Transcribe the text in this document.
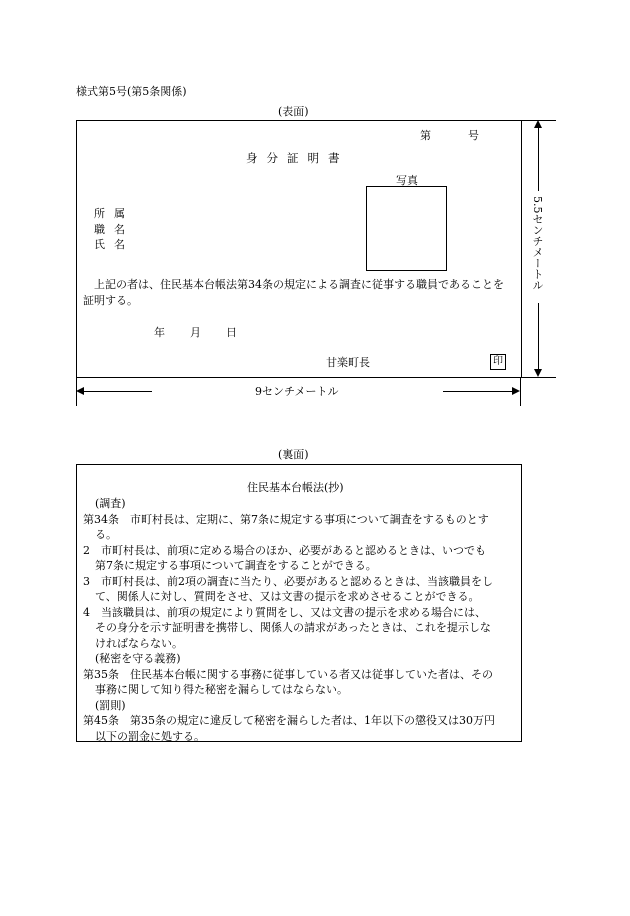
様式第5号(第5条関係)
(表面)
第	号
身分証明書
写真
所属
職名
氏名
上記の者は、住民基本台帳法第34条の規定による調査に従事する職員であることを
証明する。
年 月 日
甘楽町長	印
5.5センチメートル
9センチメートル
(裏面)
住民基本台帳法(抄)
(調査)
第34条　市町村長は、定期に、第7条に規定する事項について調査をするものとす
る。
2　市町村長は、前項に定める場合のほか、必要があると認めるときは、いつでも
第7条に規定する事項について調査をすることができる。
3　市町村長は、前2項の調査に当たり、必要があると認めるときは、当該職員をし
て、関係人に対し、質問をさせ、又は文書の提示を求めさせることができる。
4　当該職員は、前項の規定により質問をし、又は文書の提示を求める場合には、
その身分を示す証明書を携帯し、関係人の請求があったときは、これを提示しな
ければならない。
(秘密を守る義務)
第35条　住民基本台帳に関する事務に従事している者又は従事していた者は、その
事務に関して知り得た秘密を漏らしてはならない。
(罰則)
第45条　第35条の規定に違反して秘密を漏らした者は、1年以下の懲役又は30万円
以下の罰金に処する。
